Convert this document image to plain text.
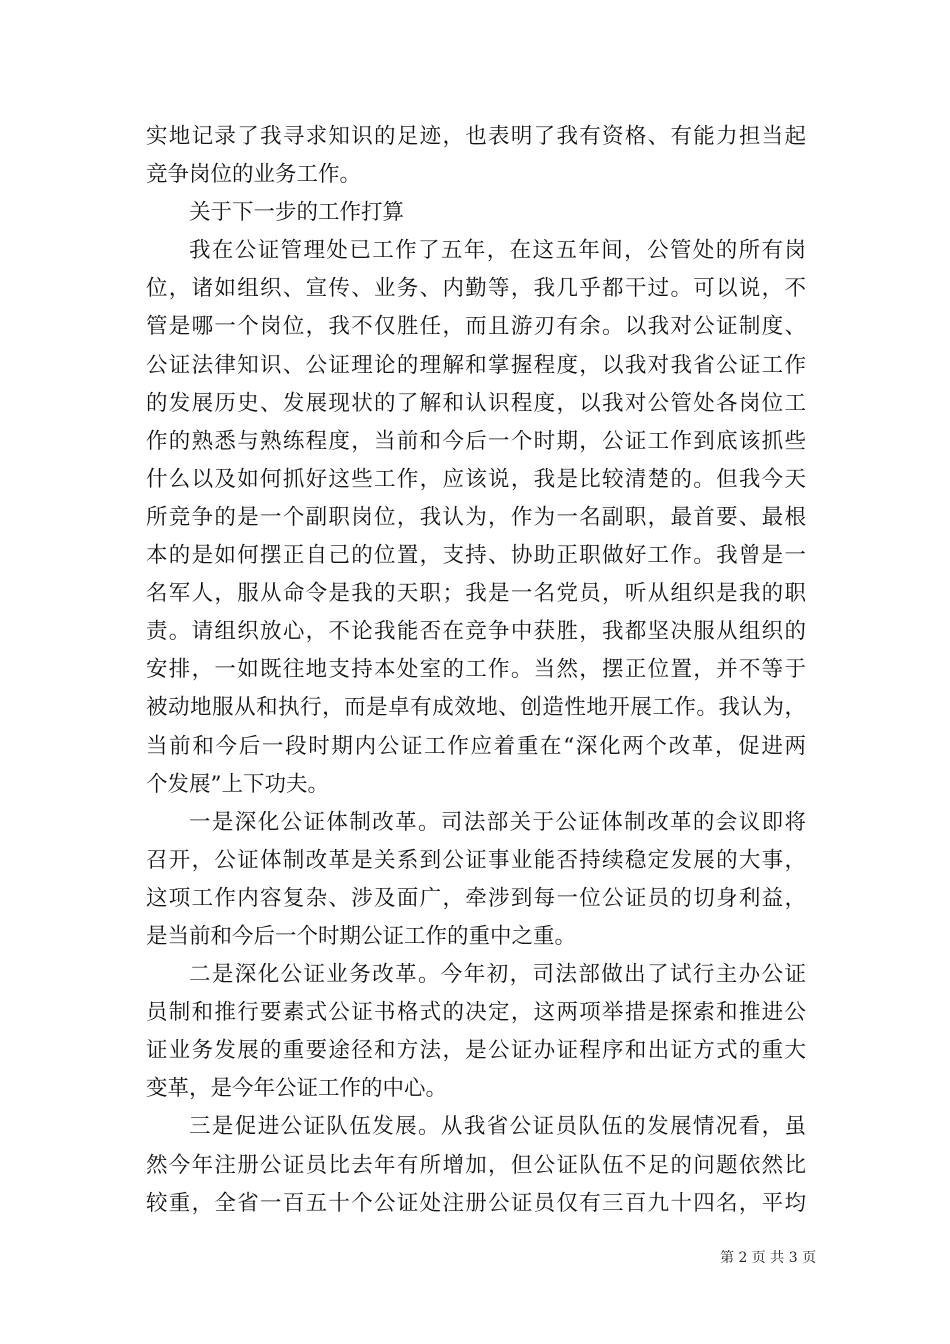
实地记录了我寻求知识的足迹，也表明了我有资格、有能力担当起
竞争岗位的业务工作。
关于下一步的工作打算
我在公证管理处已工作了五年，在这五年间，公管处的所有岗
位，诸如组织、宣传、业务、内勤等，我几乎都干过。可以说，不
管是哪一个岗位，我不仅胜任，而且游刃有余。以我对公证制度、
公证法律知识、公证理论的理解和掌握程度，以我对我省公证工作
的发展历史、发展现状的了解和认识程度，以我对公管处各岗位工
作的熟悉与熟练程度，当前和今后一个时期，公证工作到底该抓些
什么以及如何抓好这些工作，应该说，我是比较清楚的。但我今天
所竞争的是一个副职岗位，我认为，作为一名副职，最首要、最根
本的是如何摆正自己的位置，支持、协助正职做好工作。我曾是一
名军人，服从命令是我的天职；我是一名党员，听从组织是我的职
责。请组织放心，不论我能否在竞争中获胜，我都坚决服从组织的
安排，一如既往地支持本处室的工作。当然，摆正位置，并不等于
被动地服从和执行，而是卓有成效地、创造性地开展工作。我认为，
当前和今后一段时期内公证工作应着重在“深化两个改革，促进两
个发展”上下功夫。
一是深化公证体制改革。司法部关于公证体制改革的会议即将
召开，公证体制改革是关系到公证事业能否持续稳定发展的大事，
这项工作内容复杂、涉及面广，牵涉到每一位公证员的切身利益，
是当前和今后一个时期公证工作的重中之重。
二是深化公证业务改革。今年初，司法部做出了试行主办公证
员制和推行要素式公证书格式的决定，这两项举措是探索和推进公
证业务发展的重要途径和方法，是公证办证程序和出证方式的重大
变革，是今年公证工作的中心。
三是促进公证队伍发展。从我省公证员队伍的发展情况看，虽
然今年注册公证员比去年有所增加，但公证队伍不足的问题依然比
较重，全省一百五十个公证处注册公证员仅有三百九十四名，平均
第 2 页 共 3 页
